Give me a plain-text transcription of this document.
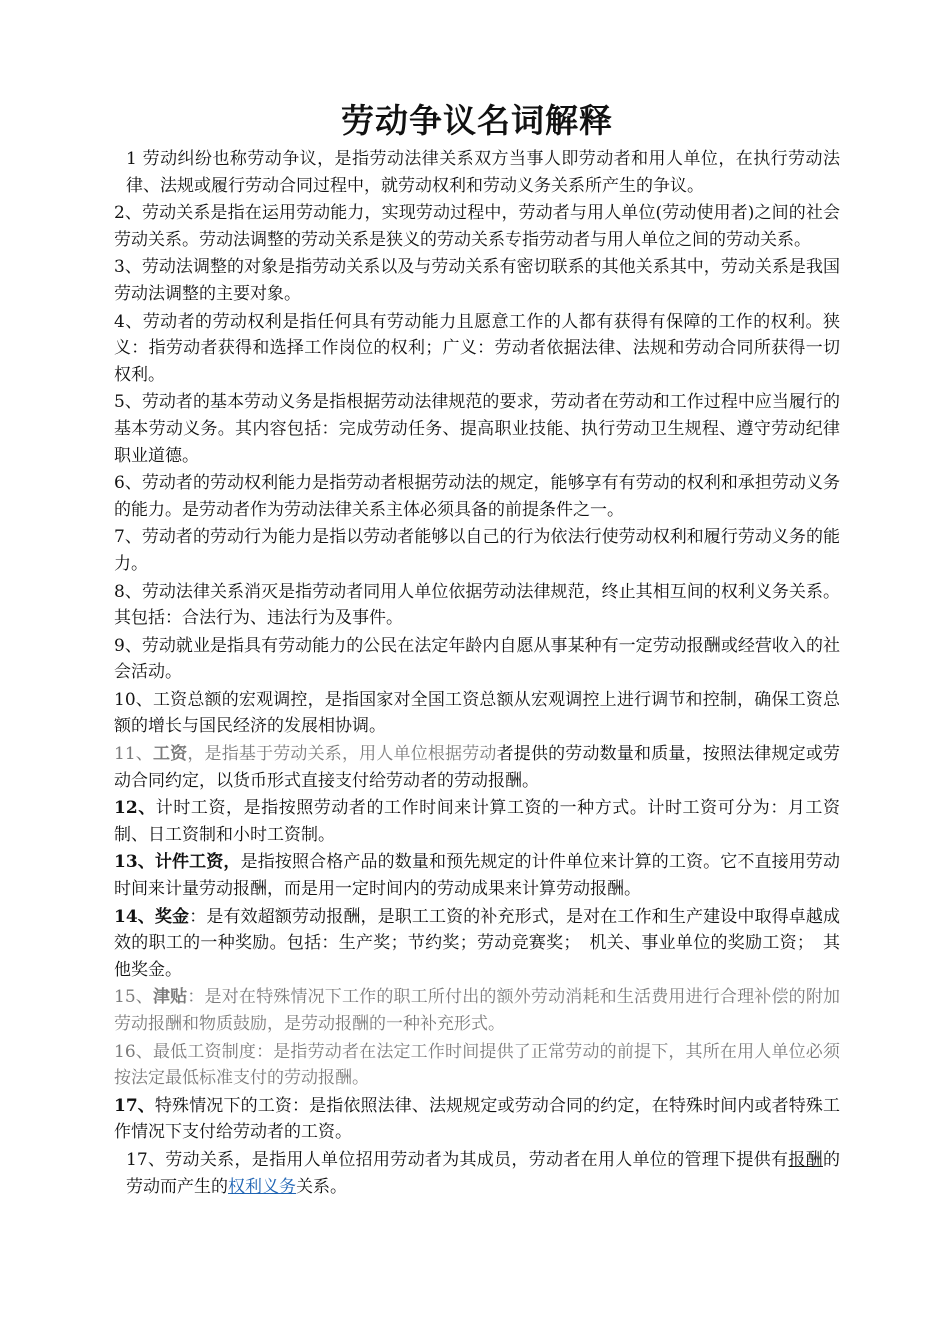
劳动争议名词解释
1 劳动纠纷也称劳动争议，是指劳动法律关系双方当事人即劳动者和用人单位，在执行劳动法律、法规或履行劳动合同过程中，就劳动权利和劳动义务关系所产生的争议。
2、劳动关系是指在运用劳动能力，实现劳动过程中，劳动者与用人单位(劳动使用者)之间的社会劳动关系。劳动法调整的劳动关系是狭义的劳动关系专指劳动者与用人单位之间的劳动关系。
3、劳动法调整的对象是指劳动关系以及与劳动关系有密切联系的其他关系其中，劳动关系是我国劳动法调整的主要对象。
4、劳动者的劳动权利是指任何具有劳动能力且愿意工作的人都有获得有保障的工作的权利。狭义：指劳动者获得和选择工作岗位的权利；广义：劳动者依据法律、法规和劳动合同所获得一切权利。
5、劳动者的基本劳动义务是指根据劳动法律规范的要求，劳动者在劳动和工作过程中应当履行的基本劳动义务。其内容包括：完成劳动任务、提高职业技能、执行劳动卫生规程、遵守劳动纪律职业道德。
6、劳动者的劳动权利能力是指劳动者根据劳动法的规定，能够享有有劳动的权利和承担劳动义务的能力。是劳动者作为劳动法律关系主体必须具备的前提条件之一。
7、劳动者的劳动行为能力是指以劳动者能够以自己的行为依法行使劳动权利和履行劳动义务的能力。
8、劳动法律关系消灭是指劳动者同用人单位依据劳动法律规范，终止其相互间的权利义务关系。其包括：合法行为、违法行为及事件。
9、劳动就业是指具有劳动能力的公民在法定年龄内自愿从事某种有一定劳动报酬或经营收入的社会活动。
10、工资总额的宏观调控，是指国家对全国工资总额从宏观调控上进行调节和控制，确保工资总额的增长与国民经济的发展相协调。
11、工资，是指基于劳动关系，用人单位根据劳动者提供的劳动数量和质量，按照法律规定或劳动合同约定，以货币形式直接支付给劳动者的劳动报酬。
12、计时工资，是指按照劳动者的工作时间来计算工资的一种方式。计时工资可分为：月工资制、日工资制和小时工资制。
13、计件工资，是指按照合格产品的数量和预先规定的计件单位来计算的工资。它不直接用劳动时间来计量劳动报酬，而是用一定时间内的劳动成果来计算劳动报酬。
14、奖金：是有效超额劳动报酬，是职工工资的补充形式，是对在工作和生产建设中取得卓越成效的职工的一种奖励。包括：生产奖；节约奖；劳动竞赛奖；　机关、事业单位的奖励工资；　其他奖金。
15、津贴：是对在特殊情况下工作的职工所付出的额外劳动消耗和生活费用进行合理补偿的附加劳动报酬和物质鼓励，是劳动报酬的一种补充形式。
16、最低工资制度：是指劳动者在法定工作时间提供了正常劳动的前提下，其所在用人单位必须按法定最低标准支付的劳动报酬。
17、特殊情况下的工资：是指依照法律、法规规定或劳动合同的约定，在特殊时间内或者特殊工作情况下支付给劳动者的工资。
17、劳动关系，是指用人单位招用劳动者为其成员，劳动者在用人单位的管理下提供有报酬的劳动而产生的权利义务关系。
